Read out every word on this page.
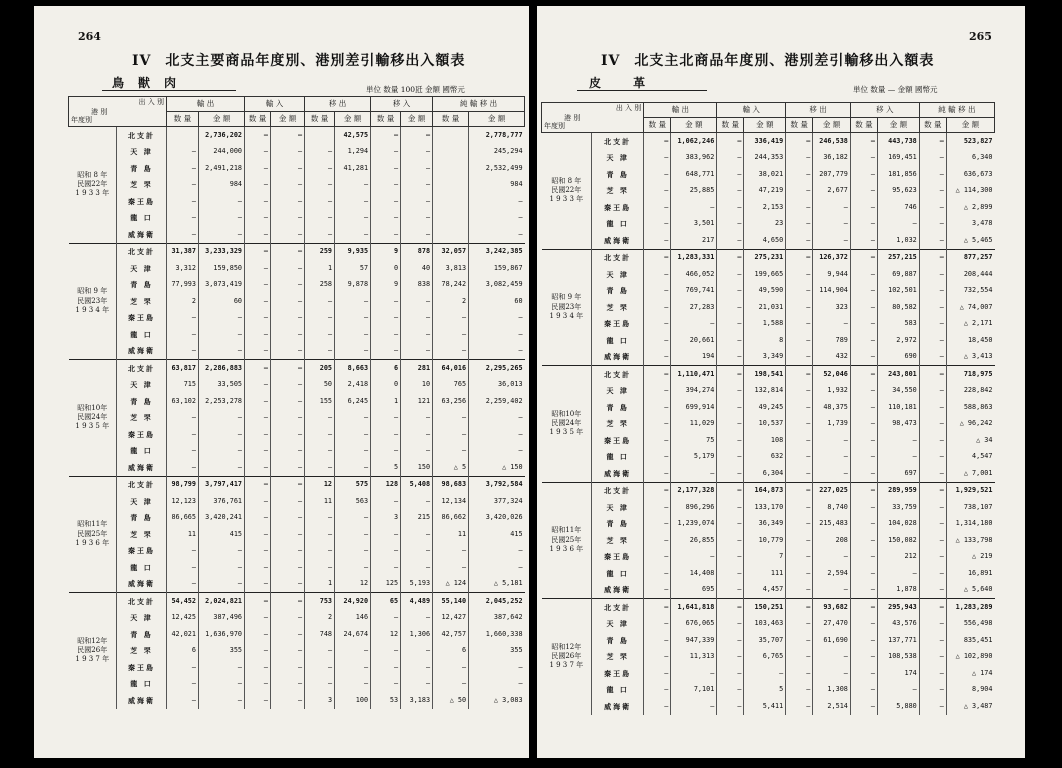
264
IV 北支主要商品年度別、港別差引輸移出入額表
鳥獣肉	単位 数量 100瓩 金額 國幣元
出 入 別
港 別
年度別		輸 出		輸 入		移 出		移 入		純 輸 移 出	
		数 量	金 額	数 量	金 額	数 量	金 額	数 量	金 額	数 量	金 額

昭和 8 年
民國22年
1 9 3 3 年	北支計		2,736,202	—	—		42,575	—	—		2,778,777
	天 津	—	244,000	—	—	—	1,294	—	—		245,294
	青 島	—	2,491,218	—	—	—	41,281	—	—		2,532,499
	芝 罘	—	984	—	—	—	—	—	—		984
	秦王島	—	—	—	—	—	—	—	—		—
	龍 口	—	—	—	—	—	—	—	—		—
	威海衛	—	—	—	—	—	—	—	—		—

昭和 9 年
民國23年
1 9 3 4 年	北支計	31,387	3,233,329	—	—	259	9,935	9	878	32,057	3,242,385
	天 津	3,312	159,850	—	—	1	57	0	40	3,813	159,867
	青 島	77,993	3,073,419	—	—	258	9,878	9	838	78,242	3,082,459
	芝 罘	2	60	—	—	—	—	—	—	2	60
	秦王島	—	—	—	—	—	—	—	—	—	—
	龍 口	—	—	—	—	—	—	—	—	—	—
	威海衛	—	—	—	—	—	—	—	—	—	—

昭和10年
民國24年
1 9 3 5 年	北支計	63,817	2,286,883	—	—	205	8,663	6	281	64,016	2,295,265
	天 津	715	33,505	—	—	50	2,418	0	10	765	36,013
	青 島	63,102	2,253,278	—	—	155	6,245	1	121	63,256	2,259,402
	芝 罘	—	—	—	—	—	—	—	—	—	—
	秦王島	—	—	—	—	—	—	—	—	—	—
	龍 口	—	—	—	—	—	—	—	—	—	—
	威海衛	—	—	—	—	—	—	5	150	△ 5	△ 150

昭和11年
民國25年
1 9 3 6 年	北支計	98,799	3,797,417	—	—	12	575	128	5,408	98,683	3,792,584
	天 津	12,123	376,761	—	—	11	563	—	—	12,134	377,324
	青 島	86,665	3,420,241	—	—	—	—	3	215	86,662	3,420,026
	芝 罘	11	415	—	—	—	—	—	—	11	415
	秦王島	—	—	—	—	—	—	—	—	—	—
	龍 口	—	—	—	—	—	—	—	—	—	—
	威海衛	—	—	—	—	1	12	125	5,193	△ 124	△ 5,181

昭和12年
民國26年
1 9 3 7 年	北支計	54,452	2,024,821	—	—	753	24,920	65	4,489	55,140	2,045,252
	天 津	12,425	387,496	—	—	2	146	—	—	12,427	387,642
	青 島	42,021	1,636,970	—	—	748	24,674	12	1,306	42,757	1,660,338
	芝 罘	6	355	—	—	—	—	—	—	6	355
	秦王島	—	—	—	—	—	—	—	—	—	—
	龍 口	—	—	—	—	—	—	—	—	—	—
	威海衛	—	—	—	—	3	100	53	3,183	△ 50	△ 3,083
265
IV 北支主北商品年度別、港別差引輸移出入額表
皮 革	単位 数量 — 金額 國幣元
出 入 別
港 別
年度別		輸 出		輸 入		移 出		移 入		純 輸 移 出	
		数 量	金 額	数 量	金 額	数 量	金 額	数 量	金 額	数 量	金 額

昭和 8 年
民國22年
1 9 3 3 年	北支計	—	1,062,246	—	336,419	—	246,538	—	443,738	—	523,827
	天 津	—	383,962	—	244,353	—	36,182	—	169,451	—	6,340
	青 島	—	648,771	—	38,021	—	207,779	—	181,856	—	636,673
	芝 罘	—	25,885	—	47,219	—	2,677	—	95,623	—	△ 114,300
	秦王島	—	—	—	2,153	—	—	—	746	—	△ 2,899
	龍 口	—	3,501	—	23	—	—	—	—	—	3,478
	威海衛	—	217	—	4,650	—	—	—	1,032	—	△ 5,465

昭和 9 年
民國23年
1 9 3 4 年	北支計	—	1,283,331	—	275,231	—	126,372	—	257,215	—	877,257
	天 津	—	466,052	—	199,665	—	9,944	—	69,887	—	208,444
	青 島	—	769,741	—	49,590	—	114,904	—	102,501	—	732,554
	芝 罘	—	27,283	—	21,031	—	323	—	80,582	—	△ 74,007
	秦王島	—	—	—	1,588	—	—	—	583	—	△ 2,171
	龍 口	—	20,661	—	8	—	789	—	2,972	—	18,450
	威海衛	—	194	—	3,349	—	432	—	690	—	△ 3,413

昭和10年
民國24年
1 9 3 5 年	北支計	—	1,110,471	—	198,541	—	52,046	—	243,801	—	718,975
	天 津	—	394,274	—	132,814	—	1,932	—	34,550	—	228,842
	青 島	—	699,914	—	49,245	—	48,375	—	110,181	—	588,863
	芝 罘	—	11,029	—	10,537	—	1,739	—	98,473	—	△ 96,242
	秦王島	—	75	—	108	—	—	—	—	—	△ 34
	龍 口	—	5,179	—	632	—	—	—	—	—	4,547
	威海衛	—	—	—	6,304	—	—	—	697	—	△ 7,001

昭和11年
民國25年
1 9 3 6 年	北支計	—	2,177,328	—	164,873	—	227,025	—	289,959	—	1,929,521
	天 津	—	896,296	—	133,170	—	8,740	—	33,759	—	738,107
	青 島	—	1,239,074	—	36,349	—	215,483	—	104,028	—	1,314,180
	芝 罘	—	26,855	—	10,779	—	208	—	150,082	—	△ 133,798
	秦王島	—	—	—	7	—	—	—	212	—	△ 219
	龍 口	—	14,408	—	111	—	2,594	—	—	—	16,891
	威海衛	—	695	—	4,457	—	—	—	1,878	—	△ 5,640

昭和12年
民國26年
1 9 3 7 年	北支計	—	1,641,818	—	150,251	—	93,682	—	295,943	—	1,283,289
	天 津	—	676,065	—	103,463	—	27,470	—	43,576	—	556,498
	青 島	—	947,339	—	35,707	—	61,690	—	137,771	—	835,451
	芝 罘	—	11,313	—	6,765	—	—	—	108,538	—	△ 102,890
	秦王島	—	—	—	—	—	—	—	174	—	△ 174
	龍 口	—	7,101	—	5	—	1,308	—	—	—	8,904
	威海衛	—	—	—	5,411	—	2,514	—	5,880	—	△ 3,487
